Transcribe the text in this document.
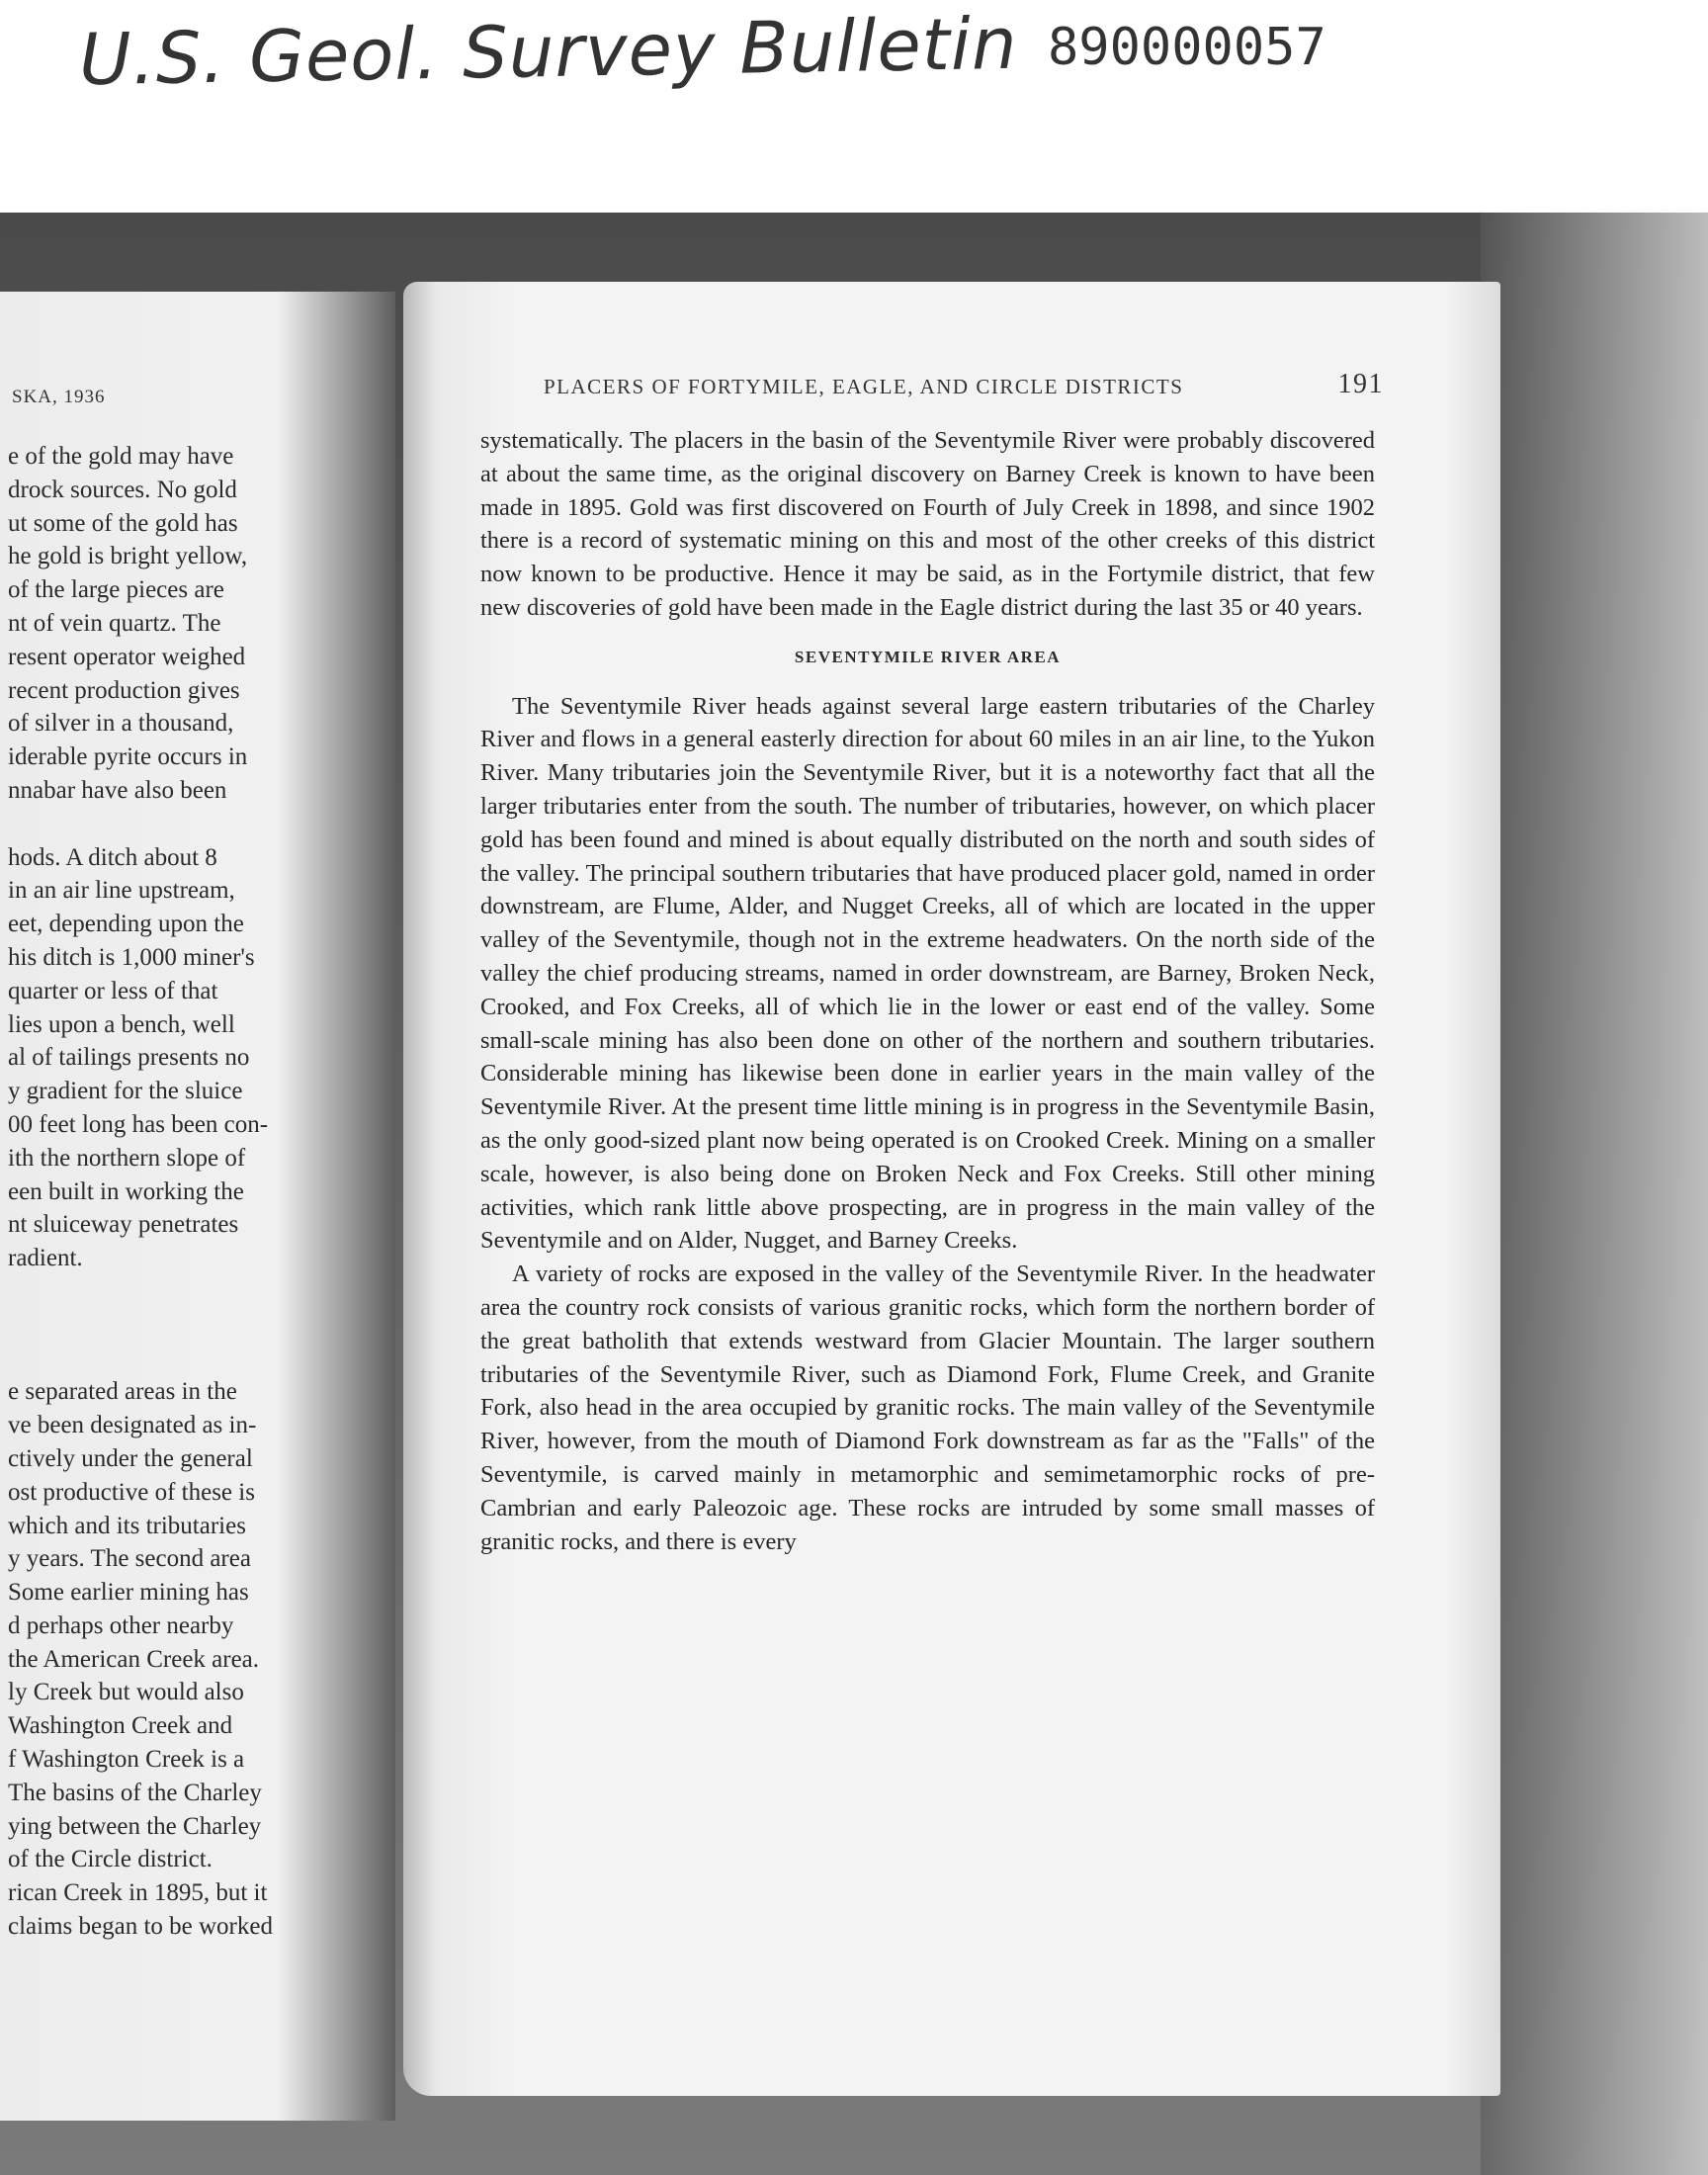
U.S. Geol. Survey Bulletin 890000057
SKA, 1936
e of the gold may have
drock sources. No gold
ut some of the gold has
he gold is bright yellow,
of the large pieces are
nt of vein quartz. The
resent operator weighed
recent production gives
of silver in a thousand,
iderable pyrite occurs in
nnabar have also been
hods. A ditch about 8
in an air line upstream,
eet, depending upon the
his ditch is 1,000 miner's
quarter or less of that
lies upon a bench, well
al of tailings presents no
y gradient for the sluice
00 feet long has been con-
ith the northern slope of
een built in working the
nt sluiceway penetrates
radient.
e separated areas in the
ve been designated as in-
ctively under the general
ost productive of these is
which and its tributaries
y years. The second area
Some earlier mining has
d perhaps other nearby
the American Creek area.
ly Creek but would also
Washington Creek and
f Washington Creek is a
The basins of the Charley
ying between the Charley
of the Circle district.
rican Creek in 1895, but it
claims began to be worked
PLACERS OF FORTYMILE, EAGLE, AND CIRCLE DISTRICTS	191

systematically. The placers in the basin of the Seventymile River were probably discovered at about the same time, as the original discovery on Barney Creek is known to have been made in 1895. Gold was first discovered on Fourth of July Creek in 1898, and since 1902 there is a record of systematic mining on this and most of the other creeks of this district now known to be productive. Hence it may be said, as in the Fortymile district, that few new discoveries of gold have been made in the Eagle district during the last 35 or 40 years.

SEVENTYMILE RIVER AREA

The Seventymile River heads against several large eastern tributaries of the Charley River and flows in a general easterly direction for about 60 miles in an air line, to the Yukon River. Many tributaries join the Seventymile River, but it is a noteworthy fact that all the larger tributaries enter from the south. The number of tributaries, however, on which placer gold has been found and mined is about equally distributed on the north and south sides of the valley. The principal southern tributaries that have produced placer gold, named in order downstream, are Flume, Alder, and Nugget Creeks, all of which are located in the upper valley of the Seventymile, though not in the extreme headwaters. On the north side of the valley the chief producing streams, named in order downstream, are Barney, Broken Neck, Crooked, and Fox Creeks, all of which lie in the lower or east end of the valley. Some small-scale mining has also been done on other of the northern and southern tributaries. Considerable mining has likewise been done in earlier years in the main valley of the Seventymile River. At the present time little mining is in progress in the Seventymile Basin, as the only good-sized plant now being operated is on Crooked Creek. Mining on a smaller scale, however, is also being done on Broken Neck and Fox Creeks. Still other mining activities, which rank little above prospecting, are in progress in the main valley of the Seventymile and on Alder, Nugget, and Barney Creeks.

A variety of rocks are exposed in the valley of the Seventymile River. In the headwater area the country rock consists of various granitic rocks, which form the northern border of the great batholith that extends westward from Glacier Mountain. The larger southern tributaries of the Seventymile River, such as Diamond Fork, Flume Creek, and Granite Fork, also head in the area occupied by granitic rocks. The main valley of the Seventymile River, however, from the mouth of Diamond Fork downstream as far as the "Falls" of the Seventymile, is carved mainly in metamorphic and semimetamorphic rocks of pre-Cambrian and early Paleozoic age. These rocks are intruded by some small masses of granitic rocks, and there is every
